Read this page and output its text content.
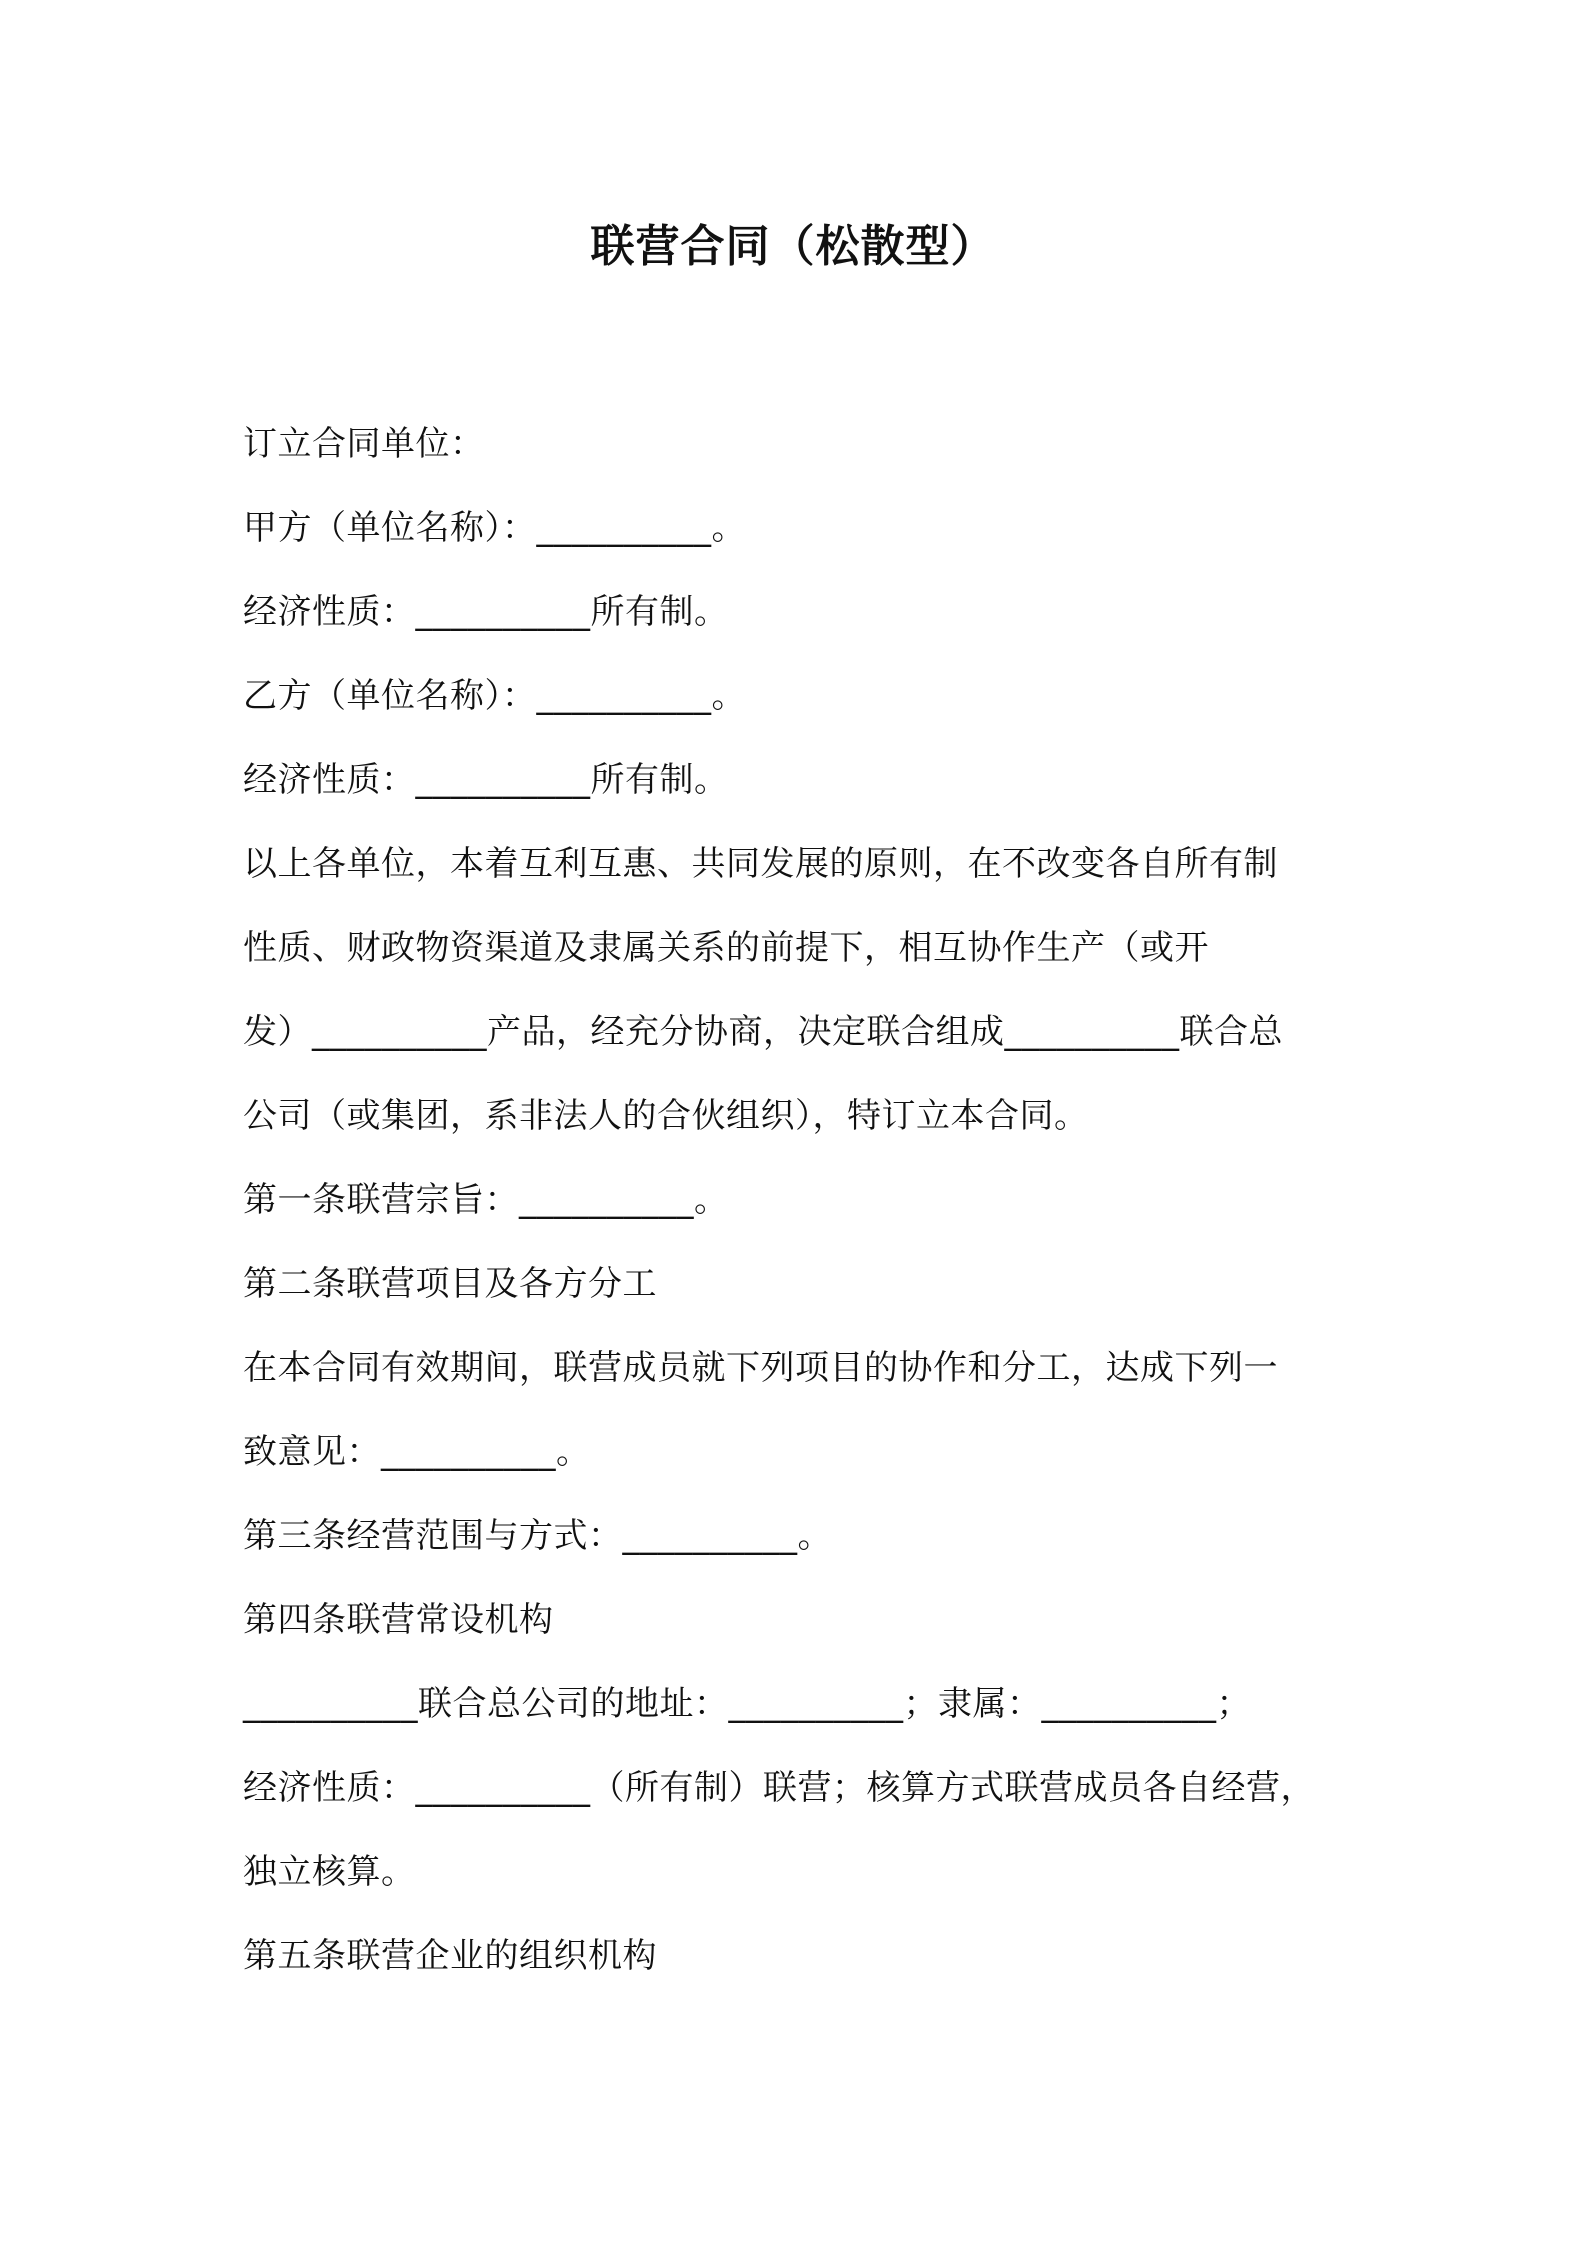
联营合同（松散型）

订立合同单位：

甲方（单位名称）：__________。

经济性质：__________所有制。

乙方（单位名称）：__________。

经济性质：__________所有制。

以上各单位，本着互利互惠、共同发展的原则，在不改变各自所有制

性质、财政物资渠道及隶属关系的前提下，相互协作生产（或开

发）__________产品，经充分协商，决定联合组成__________联合总

公司（或集团，系非法人的合伙组织），特订立本合同。

第一条联营宗旨：__________。

第二条联营项目及各方分工

在本合同有效期间，联营成员就下列项目的协作和分工，达成下列一

致意见：__________。

第三条经营范围与方式：__________。

第四条联营常设机构

__________联合总公司的地址：__________；隶属：__________；

经济性质：__________（所有制）联营；核算方式联营成员各自经营，

独立核算。

第五条联营企业的组织机构
